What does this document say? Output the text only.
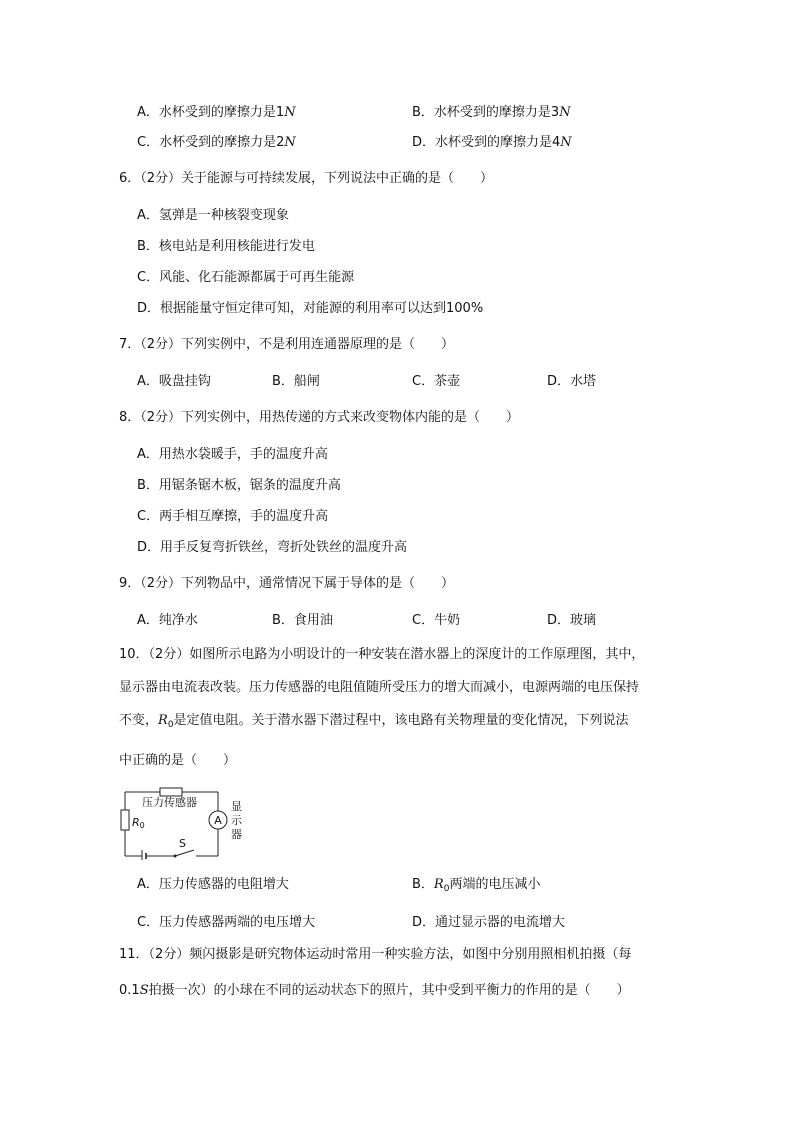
A．水杯受到的摩擦力是1N	B．水杯受到的摩擦力是3N
C．水杯受到的摩擦力是2N	D．水杯受到的摩擦力是4N
6．（2分）关于能源与可持续发展，下列说法中正确的是（　　）
A．氢弹是一种核裂变现象
B．核电站是利用核能进行发电
C．风能、化石能源都属于可再生能源
D．根据能量守恒定律可知，对能源的利用率可以达到100%
7．（2分）下列实例中，不是利用连通器原理的是（　　）
A．吸盘挂钩	B．船闸	C．茶壶	D．水塔
8．（2分）下列实例中，用热传递的方式来改变物体内能的是（　　）
A．用热水袋暖手，手的温度升高
B．用锯条锯木板，锯条的温度升高
C．两手相互摩擦，手的温度升高
D．用手反复弯折铁丝，弯折处铁丝的温度升高
9．（2分）下列物品中，通常情况下属于导体的是（　　）
A．纯净水	B．食用油	C．牛奶	D．玻璃
10．（2分）如图所示电路为小明设计的一种安装在潜水器上的深度计的工作原理图，其中，
显示器由电流表改装。压力传感器的电阻值随所受压力的增大而减小，电源两端的电压保持
不变，$R_0$是定值电阻。关于潜水器下潜过程中，该电路有关物理量的变化情况，下列说法
中正确的是（　　）
压力传感器
R0	A
显
示
器
S
A．压力传感器的电阻增大	B．$R_0$两端的电压减小
C．压力传感器两端的电压增大	D．通过显示器的电流增大
11．（2分）频闪摄影是研究物体运动时常用一种实验方法，如图中分别用照相机拍摄（每
0.1S拍摄一次）的小球在不同的运动状态下的照片，其中受到平衡力的作用的是（　　）
